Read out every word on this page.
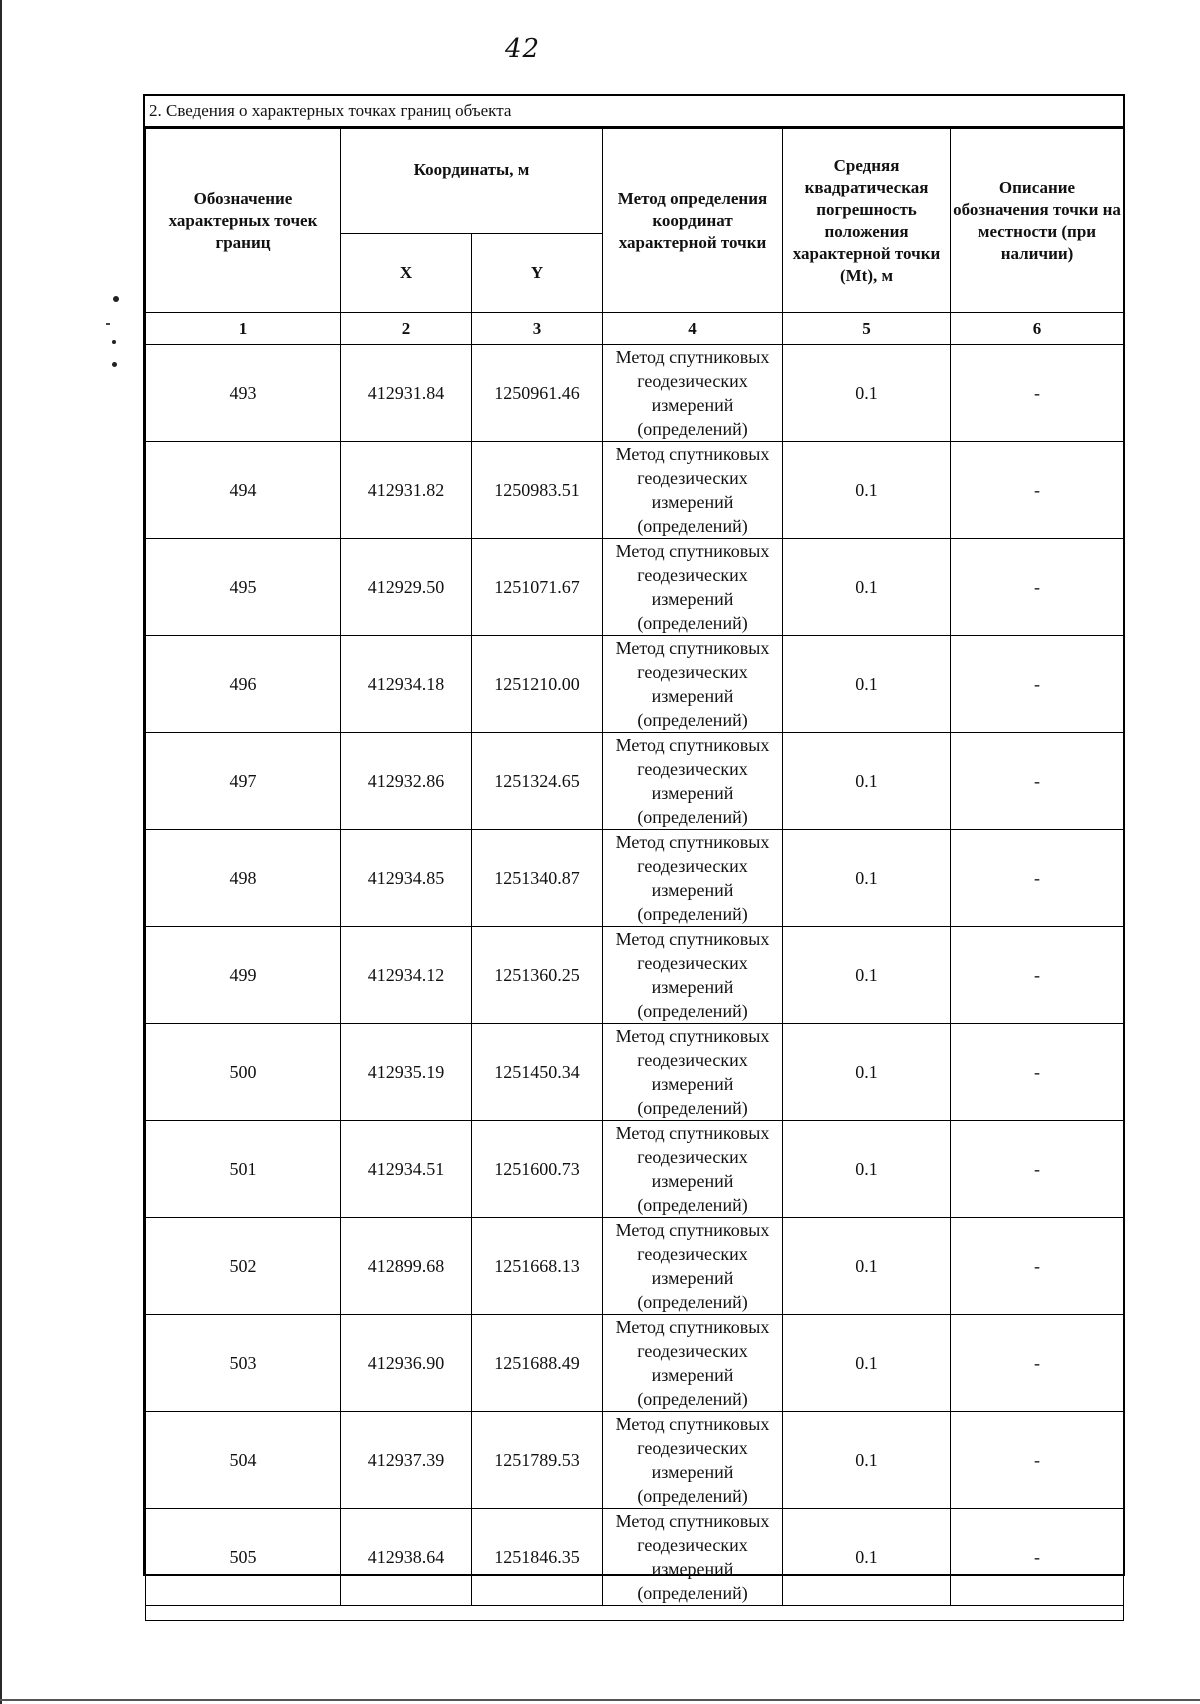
42
2. Сведения о характерных точках границ объекта
Обозначение характерных точек границ	Координаты, м		Метод определения координат характерной точки	Средняя квадратическая погрешность положения характерной точки (Mt), м	Описание обозначения точки на местности (при наличии)
	X	Y			
1	2	3	4	5	6
493	412931.84	1250961.46	Метод спутниковых
геодезических
измерений
(определений)	0.1	-
494	412931.82	1250983.51	Метод спутниковых
геодезических
измерений
(определений)	0.1	-
495	412929.50	1251071.67	Метод спутниковых
геодезических
измерений
(определений)	0.1	-
496	412934.18	1251210.00	Метод спутниковых
геодезических
измерений
(определений)	0.1	-
497	412932.86	1251324.65	Метод спутниковых
геодезических
измерений
(определений)	0.1	-
498	412934.85	1251340.87	Метод спутниковых
геодезических
измерений
(определений)	0.1	-
499	412934.12	1251360.25	Метод спутниковых
геодезических
измерений
(определений)	0.1	-
500	412935.19	1251450.34	Метод спутниковых
геодезических
измерений
(определений)	0.1	-
501	412934.51	1251600.73	Метод спутниковых
геодезических
измерений
(определений)	0.1	-
502	412899.68	1251668.13	Метод спутниковых
геодезических
измерений
(определений)	0.1	-
503	412936.90	1251688.49	Метод спутниковых
геодезических
измерений
(определений)	0.1	-
504	412937.39	1251789.53	Метод спутниковых
геодезических
измерений
(определений)	0.1	-
505	412938.64	1251846.35	Метод спутниковых
геодезических
измерений
(определений)	0.1	-
